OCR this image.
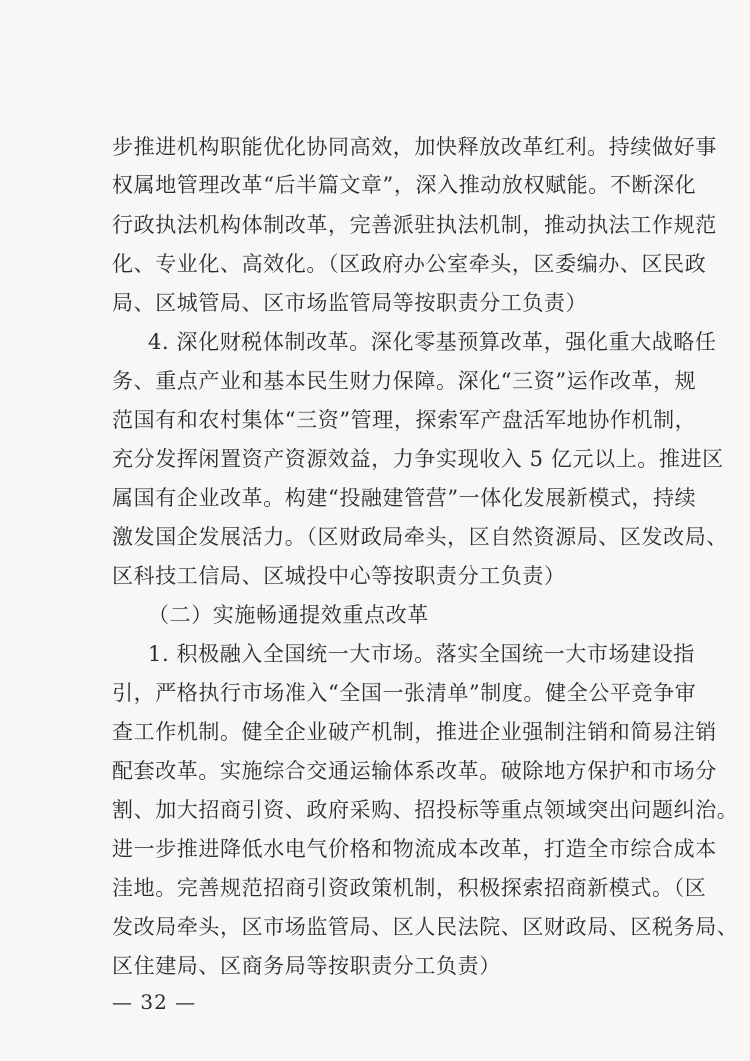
步推进机构职能优化协同高效，加快释放改革红利。持续做好事
权属地管理改革“后半篇文章”，深入推动放权赋能。不断深化
行政执法机构体制改革，完善派驻执法机制，推动执法工作规范
化、专业化、高效化。（区政府办公室牵头，区委编办、区民政
局、区城管局、区市场监管局等按职责分工负责）
4. 深化财税体制改革。深化零基预算改革，强化重大战略任
务、重点产业和基本民生财力保障。深化“三资”运作改革，规
范国有和农村集体“三资”管理，探索军产盘活军地协作机制，
充分发挥闲置资产资源效益，力争实现收入 5 亿元以上。推进区
属国有企业改革。构建“投融建管营”一体化发展新模式，持续
激发国企发展活力。（区财政局牵头，区自然资源局、区发改局、
区科技工信局、区城投中心等按职责分工负责）
（二）实施畅通提效重点改革
1. 积极融入全国统一大市场。落实全国统一大市场建设指
引，严格执行市场准入“全国一张清单”制度。健全公平竞争审
查工作机制。健全企业破产机制，推进企业强制注销和简易注销
配套改革。实施综合交通运输体系改革。破除地方保护和市场分
割、加大招商引资、政府采购、招投标等重点领域突出问题纠治。
进一步推进降低水电气价格和物流成本改革，打造全市综合成本
洼地。完善规范招商引资政策机制，积极探索招商新模式。（区
发改局牵头，区市场监管局、区人民法院、区财政局、区税务局、
区住建局、区商务局等按职责分工负责）
— 32 —
